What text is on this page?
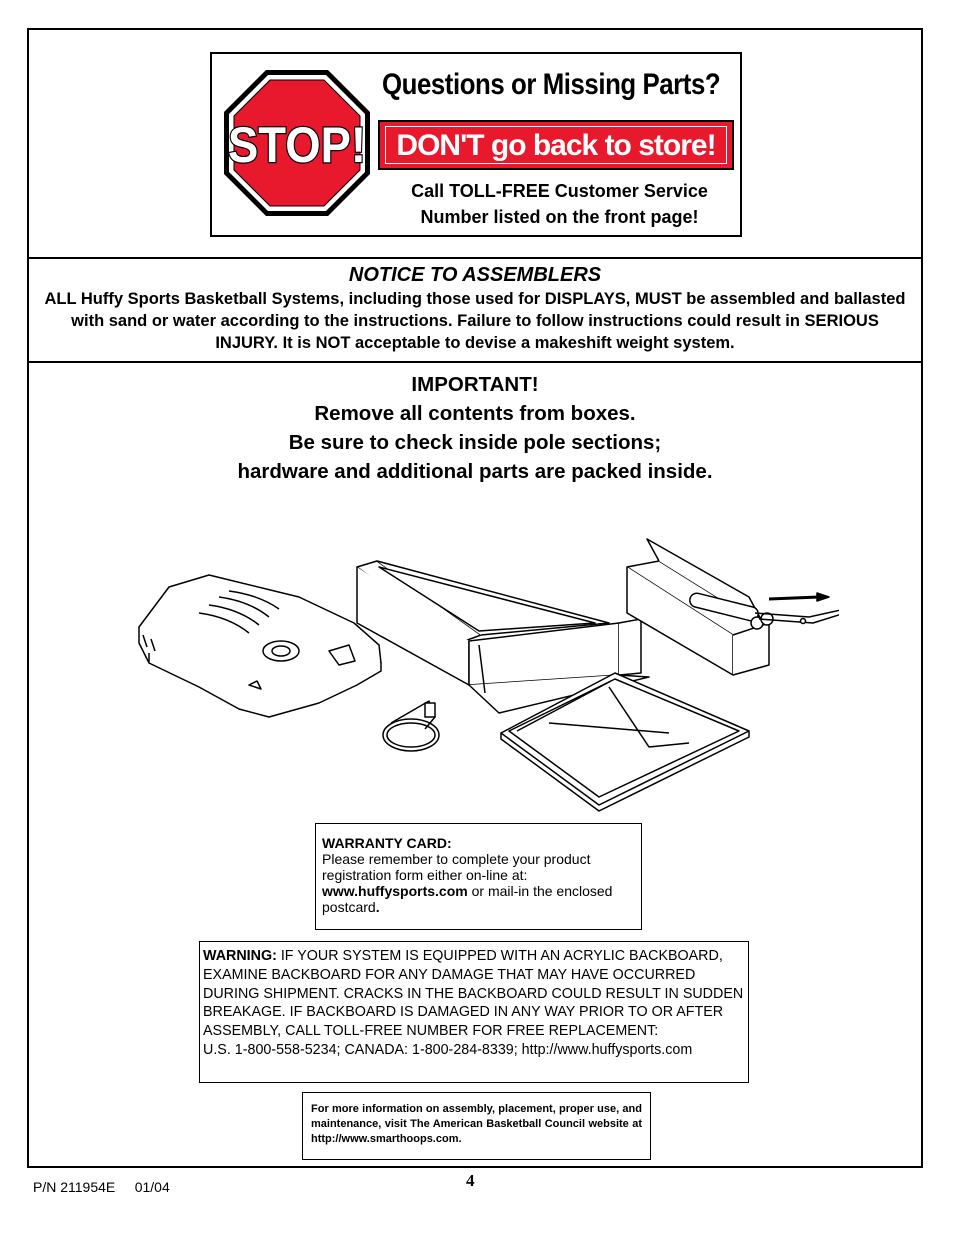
STOP!
Questions or Missing Parts?
DON'T go back to store!
Call TOLL-FREE Customer Service
Number listed on the front page!
NOTICE TO ASSEMBLERS
ALL Huffy Sports Basketball Systems, including those used for DISPLAYS, MUST be assembled and ballasted with sand or water according to the instructions. Failure to follow instructions could result in SERIOUS INJURY. It is NOT acceptable to devise a makeshift weight system.
IMPORTANT!
Remove all contents from boxes.
Be sure to check inside pole sections;
hardware and additional parts are packed inside.
WARRANTY CARD:
Please remember to complete your product registration form either on-line at:
www.huffysports.com or mail-in the enclosed postcard.
WARNING: IF YOUR SYSTEM IS EQUIPPED WITH AN ACRYLIC BACKBOARD, EXAMINE BACKBOARD FOR ANY DAMAGE THAT MAY HAVE OCCURRED DURING SHIPMENT. CRACKS IN THE BACKBOARD COULD RESULT IN SUDDEN BREAKAGE. IF BACKBOARD IS DAMAGED IN ANY WAY PRIOR TO OR AFTER ASSEMBLY, CALL TOLL-FREE NUMBER FOR FREE REPLACEMENT:
U.S. 1-800-558-5234; CANADA: 1-800-284-8339; http://www.huffysports.com
For more information on assembly, placement, proper use, and maintenance, visit The American Basketball Council website at http://www.smarthoops.com.
P/N 211954E 01/04	4
